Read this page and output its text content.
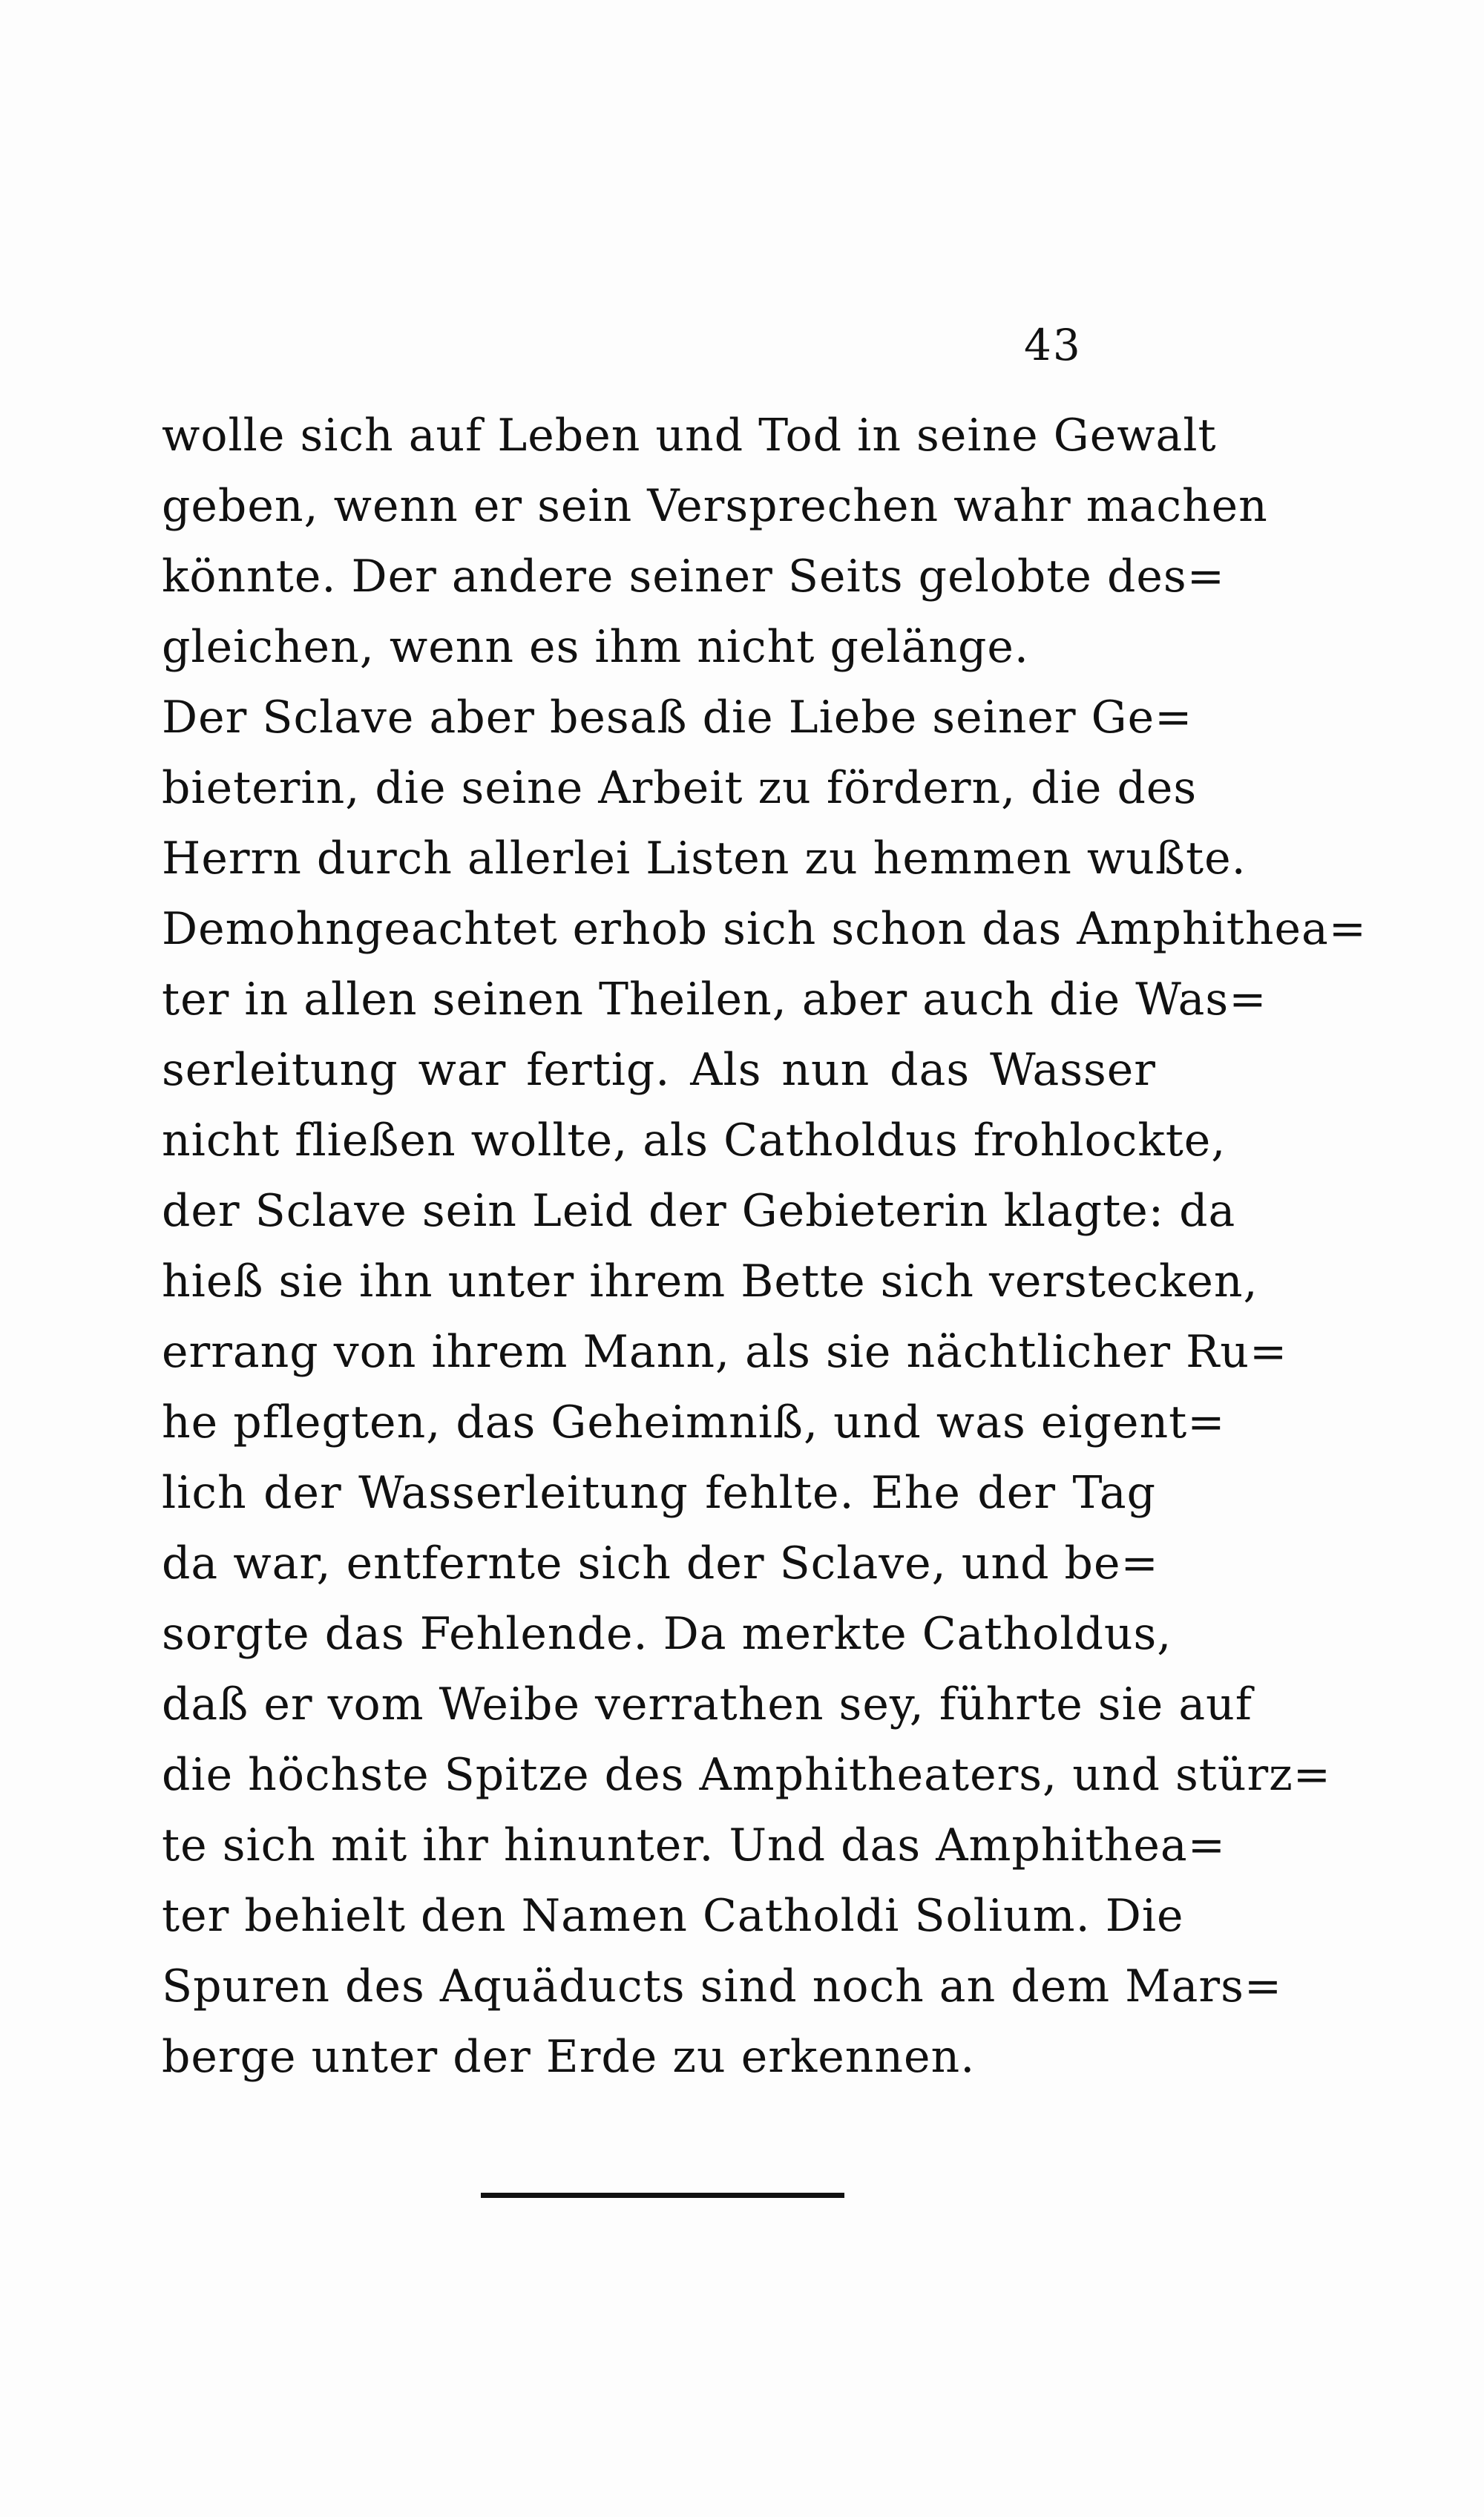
43
wolle sich auf Leben und Tod in seine Gewalt
geben, wenn er sein Versprechen wahr machen
könnte. Der andere seiner Seits gelobte des=
gleichen, wenn es ihm nicht gelänge.
Der Sclave aber besaß die Liebe seiner Ge=
bieterin, die seine Arbeit zu fördern, die des
Herrn durch allerlei Listen zu hemmen wußte.
Demohngeachtet erhob sich schon das Amphithea=
ter in allen seinen Theilen, aber auch die Was=
serleitung war fertig. Als nun das Wasser
nicht fließen wollte, als Catholdus frohlockte,
der Sclave sein Leid der Gebieterin klagte: da
hieß sie ihn unter ihrem Bette sich verstecken,
errang von ihrem Mann, als sie nächtlicher Ru=
he pflegten, das Geheimniß, und was eigent=
lich der Wasserleitung fehlte. Ehe der Tag
da war, entfernte sich der Sclave, und be=
sorgte das Fehlende. Da merkte Catholdus,
daß er vom Weibe verrathen sey, führte sie auf
die höchste Spitze des Amphitheaters, und stürz=
te sich mit ihr hinunter. Und das Amphithea=
ter behielt den Namen Catholdi Solium. Die
Spuren des Aquäducts sind noch an dem Mars=
berge unter der Erde zu erkennen.
